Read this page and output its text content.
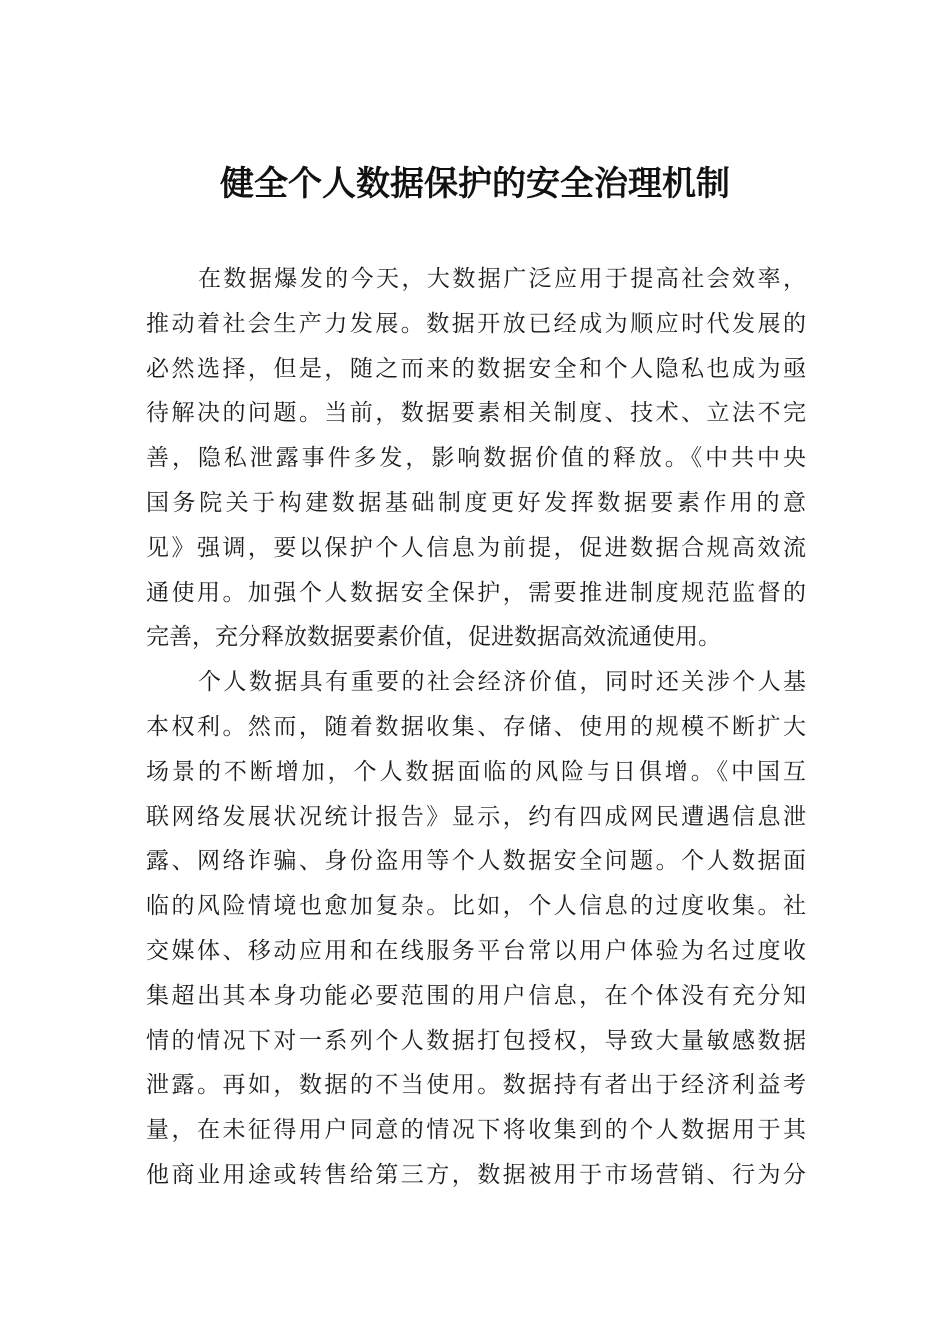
健全个人数据保护的安全治理机制
在数据爆发的今天，大数据广泛应用于提高社会效率，
推动着社会生产力发展。数据开放已经成为顺应时代发展的
必然选择，但是，随之而来的数据安全和个人隐私也成为亟
待解决的问题。当前，数据要素相关制度、技术、立法不完
善，隐私泄露事件多发，影响数据价值的释放。《中共中央
国务院关于构建数据基础制度更好发挥数据要素作用的意
见》强调，要以保护个人信息为前提，促进数据合规高效流
通使用。加强个人数据安全保护，需要推进制度规范监督的
完善，充分释放数据要素价值，促进数据高效流通使用。
个人数据具有重要的社会经济价值，同时还关涉个人基
本权利。然而，随着数据收集、存储、使用的规模不断扩大
场景的不断增加，个人数据面临的风险与日俱增。《中国互
联网络发展状况统计报告》显示，约有四成网民遭遇信息泄
露、网络诈骗、身份盗用等个人数据安全问题。个人数据面
临的风险情境也愈加复杂。比如，个人信息的过度收集。社
交媒体、移动应用和在线服务平台常以用户体验为名过度收
集超出其本身功能必要范围的用户信息，在个体没有充分知
情的情况下对一系列个人数据打包授权，导致大量敏感数据
泄露。再如，数据的不当使用。数据持有者出于经济利益考
量，在未征得用户同意的情况下将收集到的个人数据用于其
他商业用途或转售给第三方，数据被用于市场营销、行为分
